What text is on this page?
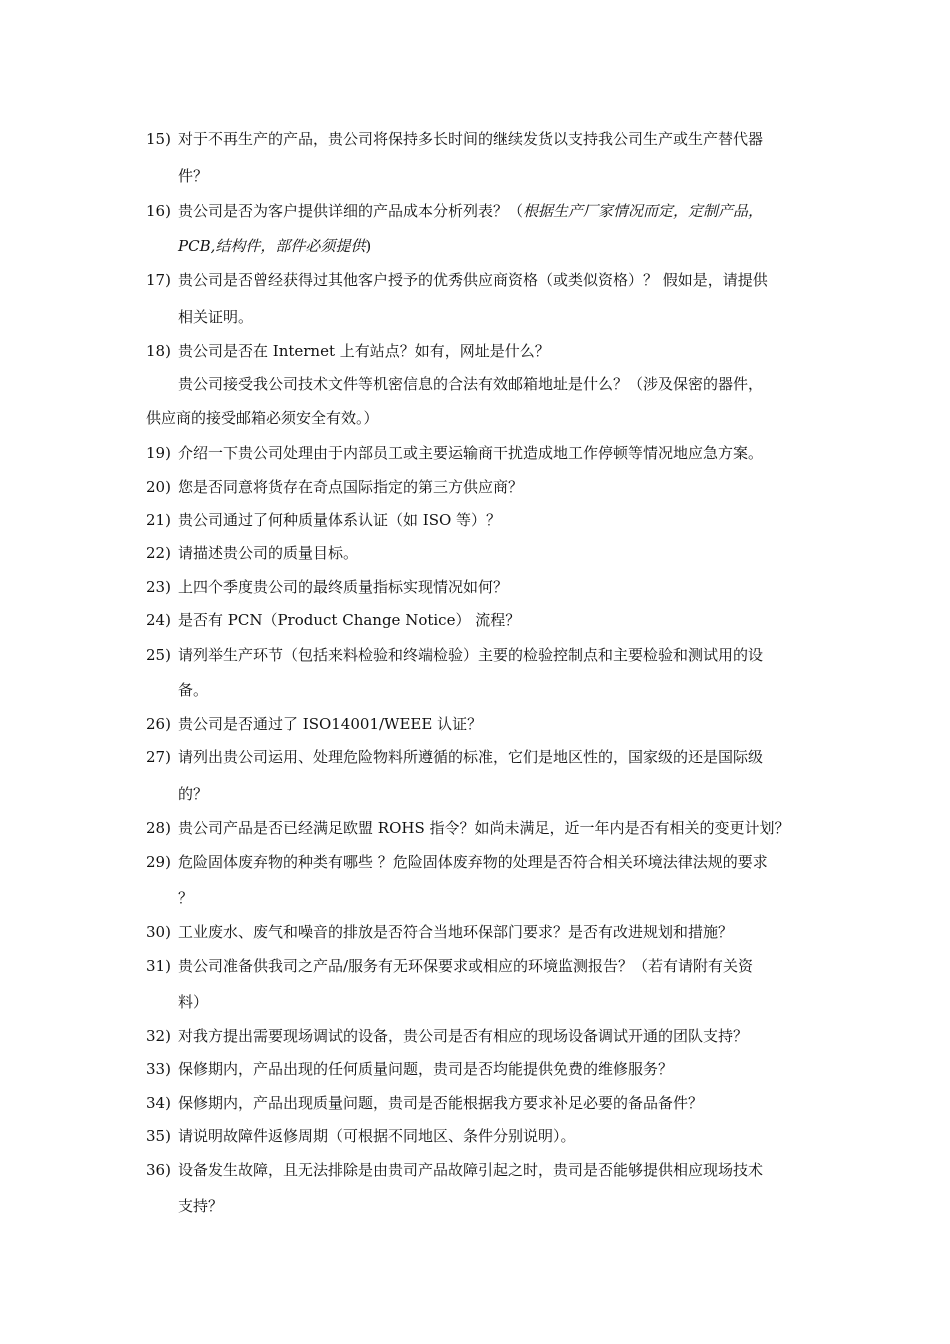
15) 对于不再生产的产品，贵公司将保持多长时间的继续发货以支持我公司生产或生产替代器
件？
16) 贵公司是否为客户提供详细的产品成本分析列表？（根据生产厂家情况而定，定制产品，
PCB,结构件，部件必须提供)
17) 贵公司是否曾经获得过其他客户授予的优秀供应商资格（或类似资格）？ 假如是，请提供
相关证明。
18) 贵公司是否在 Internet 上有站点？如有，网址是什么？
贵公司接受我公司技术文件等机密信息的合法有效邮箱地址是什么？（涉及保密的器件，
供应商的接受邮箱必须安全有效。）
19) 介绍一下贵公司处理由于内部员工或主要运输商干扰造成地工作停顿等情况地应急方案。
20) 您是否同意将货存在奇点国际指定的第三方供应商？
21) 贵公司通过了何种质量体系认证（如 ISO 等）？
22) 请描述贵公司的质量目标。
23) 上四个季度贵公司的最终质量指标实现情况如何？
24) 是否有 PCN（Product Change Notice） 流程？
25) 请列举生产环节（包括来料检验和终端检验）主要的检验控制点和主要检验和测试用的设
备。
26) 贵公司是否通过了 ISO14001/WEEE 认证？
27) 请列出贵公司运用、处理危险物料所遵循的标准，它们是地区性的，国家级的还是国际级
的？
28) 贵公司产品是否已经满足欧盟 ROHS 指令？如尚未满足，近一年内是否有相关的变更计划？
29) 危险固体废弃物的种类有哪些 ？危险固体废弃物的处理是否符合相关环境法律法规的要求
？
30) 工业废水、废气和噪音的排放是否符合当地环保部门要求？是否有改进规划和措施？
31) 贵公司准备供我司之产品/服务有无环保要求或相应的环境监测报告？（若有请附有关资
料）
32) 对我方提出需要现场调试的设备，贵公司是否有相应的现场设备调试开通的团队支持？
33) 保修期内，产品出现的任何质量问题，贵司是否均能提供免费的维修服务？
34) 保修期内，产品出现质量问题，贵司是否能根据我方要求补足必要的备品备件？
35) 请说明故障件返修周期（可根据不同地区、条件分别说明）。
36) 设备发生故障，且无法排除是由贵司产品故障引起之时，贵司是否能够提供相应现场技术
支持？
